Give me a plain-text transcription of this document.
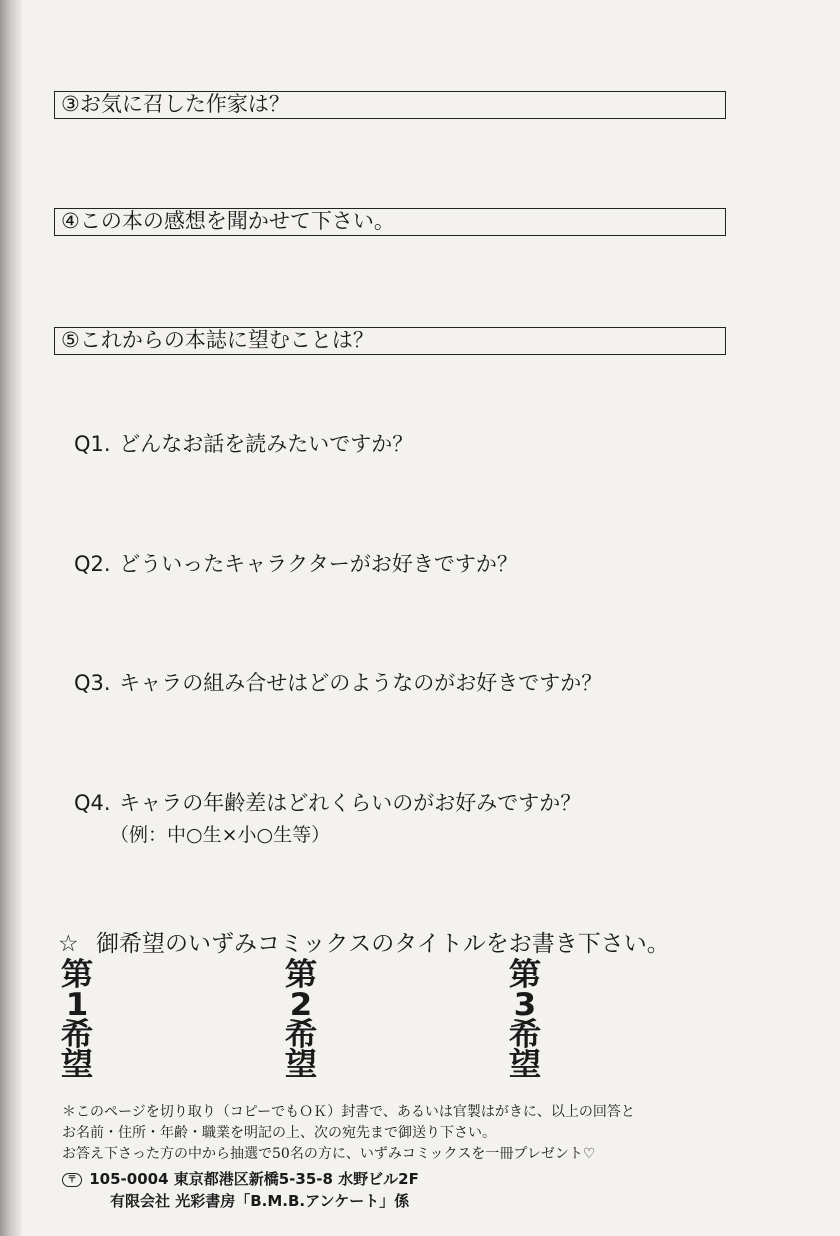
③お気に召した作家は？
④この本の感想を聞かせて下さい。
⑤これからの本誌に望むことは？
Q1. どんなお話を読みたいですか？
Q2. どういったキャラクターがお好きですか？
Q3. キャラの組み合せはどのようなのがお好きですか？
Q4. キャラの年齢差はどれくらいのがお好みですか？
（例：中○生×小○生等）
☆ 御希望のいずみコミックスのタイトルをお書き下さい。
第
1
希
望
第
2
希
望
第
3
希
望
＊このページを切り取り（コピーでもＯＫ）封書で、あるいは官製はがきに、以上の回答と
お名前・住所・年齢・職業を明記の上、次の宛先まで御送り下さい。
お答え下さった方の中から抽選で50名の方に、いずみコミックスを一冊プレゼント♡
〒 105-0004 東京都港区新橋5-35-8 水野ビル2F
有限会社 光彩書房「B.M.B.アンケート」係
